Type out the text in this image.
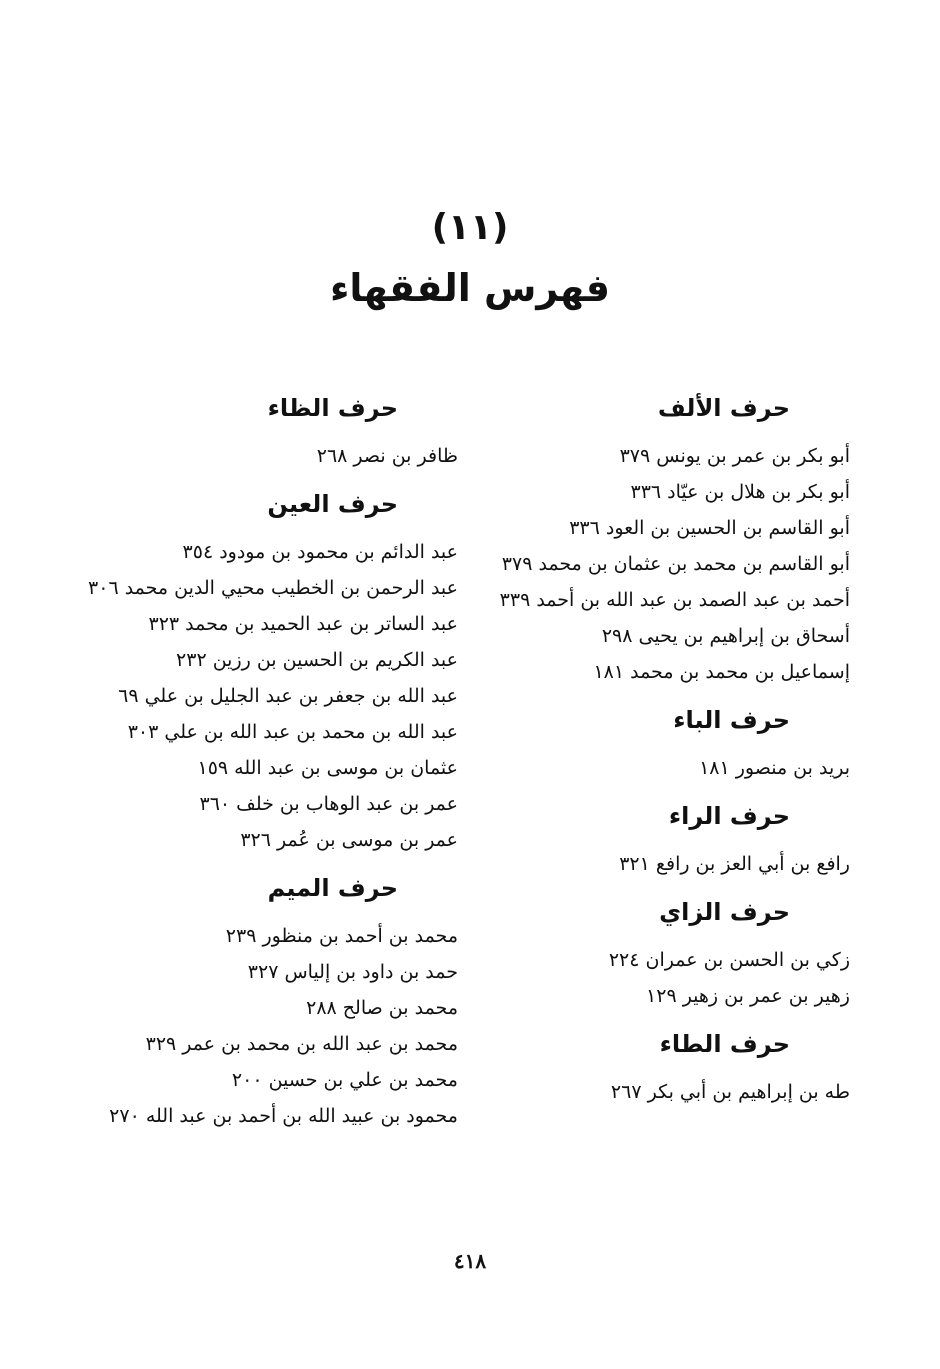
(١١)
فهرس الفقهاء
حرف الألف
أبو بكر بن عمر بن يونس ٣٧٩
أبو بكر بن هلال بن عيّاد ٣٣٦
أبو القاسم بن الحسين بن العود ٣٣٦
أبو القاسم بن محمد بن عثمان بن محمد ٣٧٩
أحمد بن عبد الصمد بن عبد الله بن أحمد ٣٣٩
أسحاق بن إبراهيم بن يحيى ٢٩٨
إسماعيل بن محمد بن محمد ١٨١
حرف الباء
بريد بن منصور ١٨١
حرف الراء
رافع بن أبي العز بن رافع ٣٢١
حرف الزاي
زكي بن الحسن بن عمران ٢٢٤
زهير بن عمر بن زهير ١٢٩
حرف الطاء
طه بن إبراهيم بن أبي بكر ٢٦٧
حرف الظاء
ظافر بن نصر ٢٦٨
حرف العين
عبد الدائم بن محمود بن مودود ٣٥٤
عبد الرحمن بن الخطيب محيي الدين محمد ٣٠٦
عبد الساتر بن عبد الحميد بن محمد ٣٢٣
عبد الكريم بن الحسين بن رزين ٢٣٢
عبد الله بن جعفر بن عبد الجليل بن علي ٦٩
عبد الله بن محمد بن عبد الله بن علي ٣٠٣
عثمان بن موسى بن عبد الله ١٥٩
عمر بن عبد الوهاب بن خلف ٣٦٠
عمر بن موسى بن عُمر ٣٢٦
حرف الميم
محمد بن أحمد بن منظور ٢٣٩
حمد بن داود بن إلياس ٣٢٧
محمد بن صالح ٢٨٨
محمد بن عبد الله بن محمد بن عمر ٣٢٩
محمد بن علي بن حسين ٢٠٠
محمود بن عبيد الله بن أحمد بن عبد الله ٢٧٠
٤١٨
